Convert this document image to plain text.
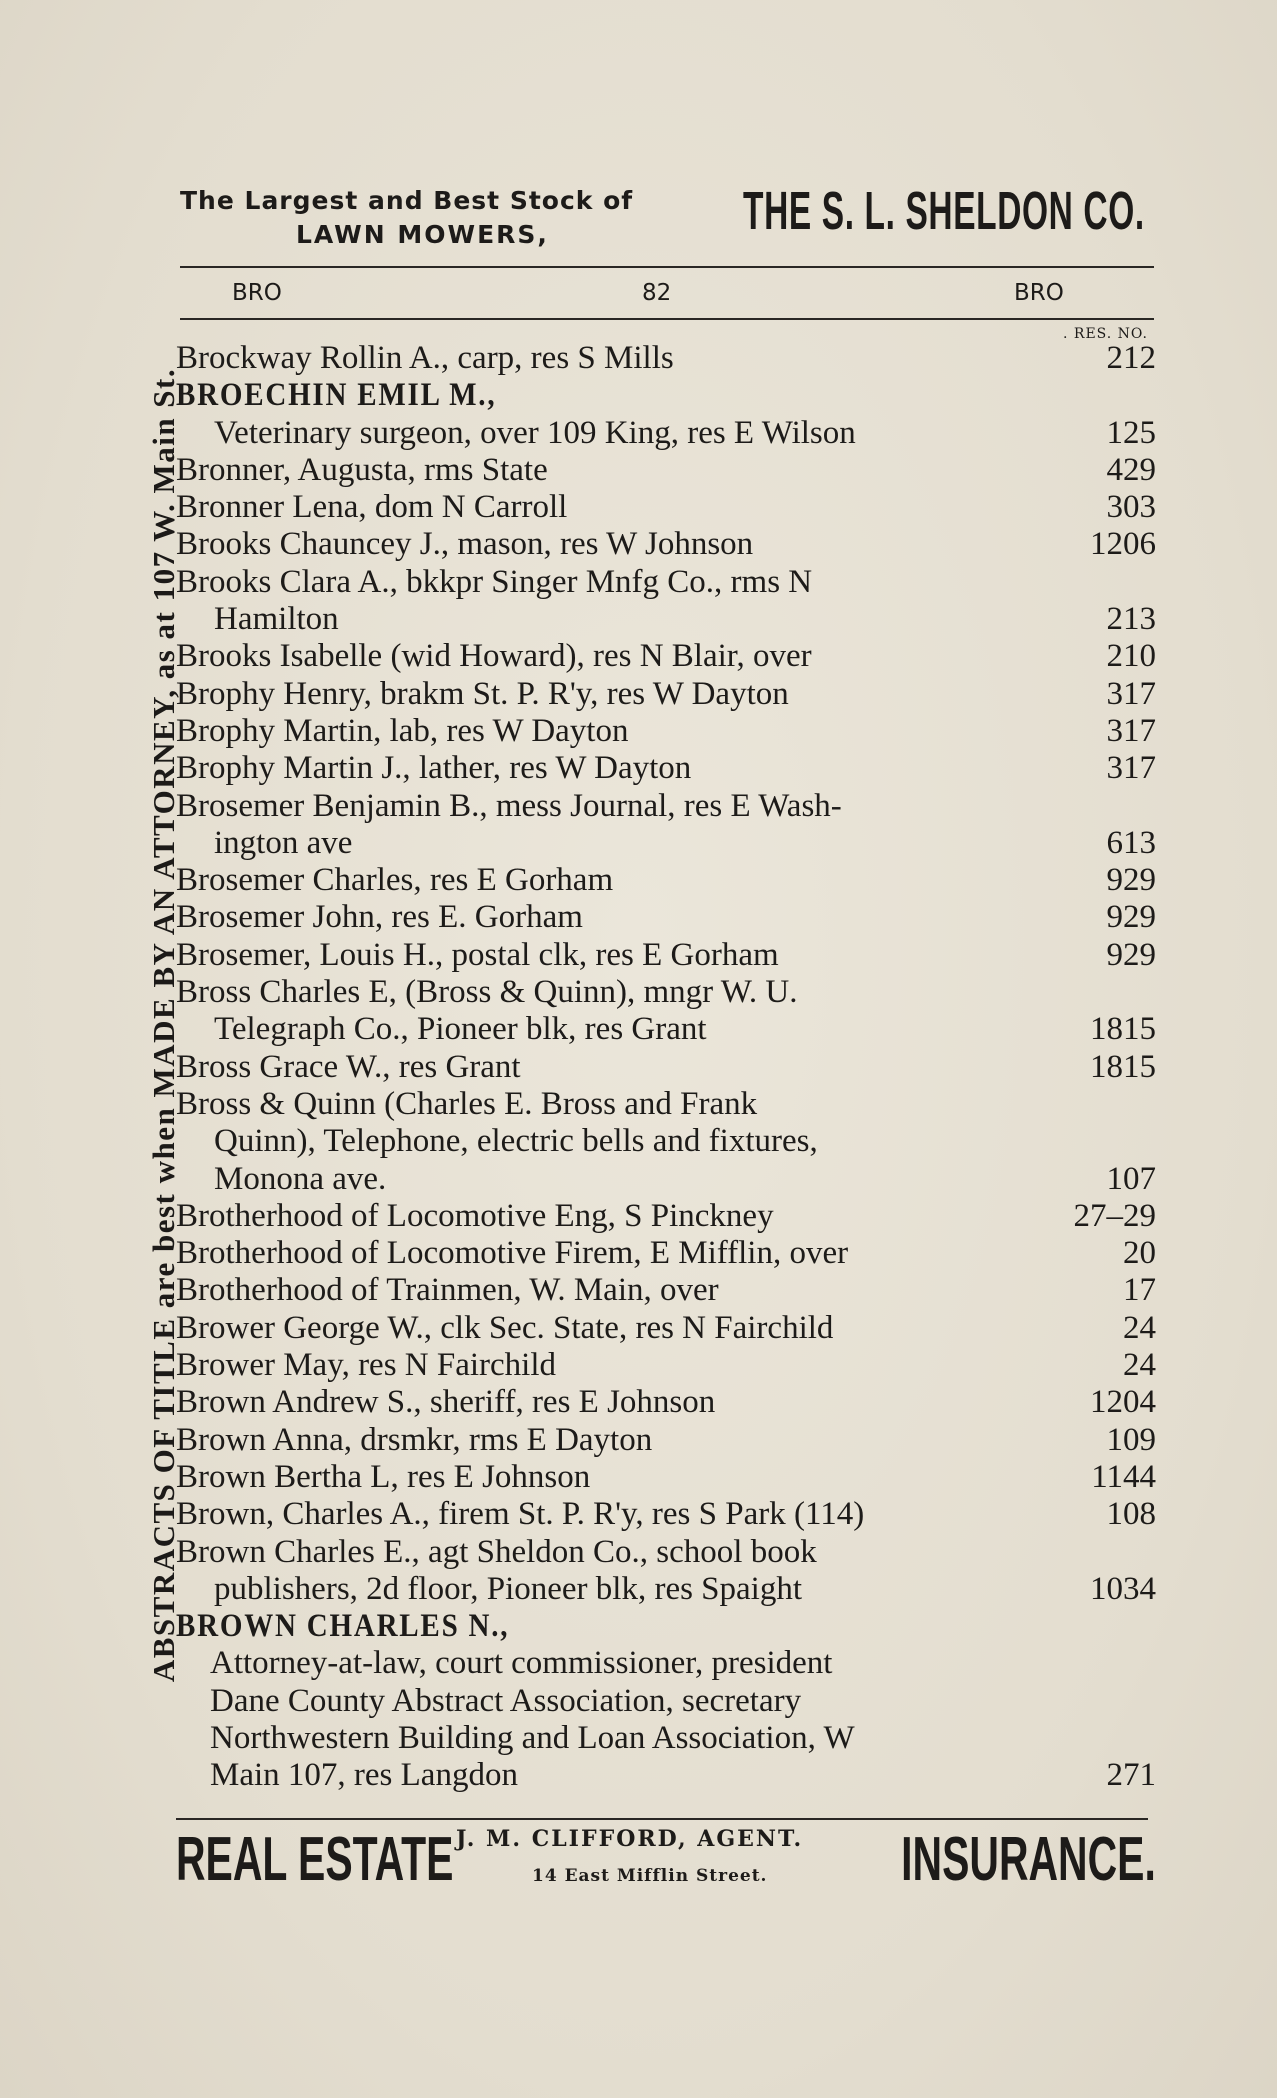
ABSTRACTS OF TITLE are best when MADE BY AN ATTORNEY, as at 107 W. Main St.
The Largest and Best Stock of
LAWN MOWERS,	THE S. L. SHELDON CO.
BRO	82	BRO
. RES. NO.
Brockway Rollin A., carp, res S Mills	212
BROECHIN EMIL M.,
Veterinary surgeon, over 109 King, res E Wilson	125
Bronner, Augusta, rms State	429
Bronner Lena, dom N Carroll	303
Brooks Chauncey J., mason, res W Johnson	1206
Brooks Clara A., bkkpr Singer Mnfg Co., rms N
Hamilton	213
Brooks Isabelle (wid Howard), res N Blair, over	210
Brophy Henry, brakm St. P. R'y, res W Dayton	317
Brophy Martin, lab, res W Dayton	317
Brophy Martin J., lather, res W Dayton	317
Brosemer Benjamin B., mess Journal, res E Wash-
ington ave	613
Brosemer Charles, res E Gorham	929
Brosemer John, res E. Gorham	929
Brosemer, Louis H., postal clk, res E Gorham	929
Bross Charles E, (Bross & Quinn), mngr W. U.
Telegraph Co., Pioneer blk, res Grant	1815
Bross Grace W., res Grant	1815
Bross & Quinn (Charles E. Bross and Frank
Quinn), Telephone, electric bells and fixtures,
Monona ave.	107
Brotherhood of Locomotive Eng, S Pinckney	27–29
Brotherhood of Locomotive Firem, E Mifflin, over	20
Brotherhood of Trainmen, W. Main, over	17
Brower George W., clk Sec. State, res N Fairchild	24
Brower May, res N Fairchild	24
Brown Andrew S., sheriff, res E Johnson	1204
Brown Anna, drsmkr, rms E Dayton	109
Brown Bertha L, res E Johnson	1144
Brown, Charles A., firem St. P. R'y, res S Park (114)	108
Brown Charles E., agt Sheldon Co., school book
publishers, 2d floor, Pioneer blk, res Spaight	1034
BROWN CHARLES N.,
Attorney-at-law, court commissioner, president
Dane County Abstract Association, secretary
Northwestern Building and Loan Association, W
Main 107, res Langdon	271
REAL ESTATE J. M. CLIFFORD, AGENT.
14 East Mifflin Street. INSURANCE.
